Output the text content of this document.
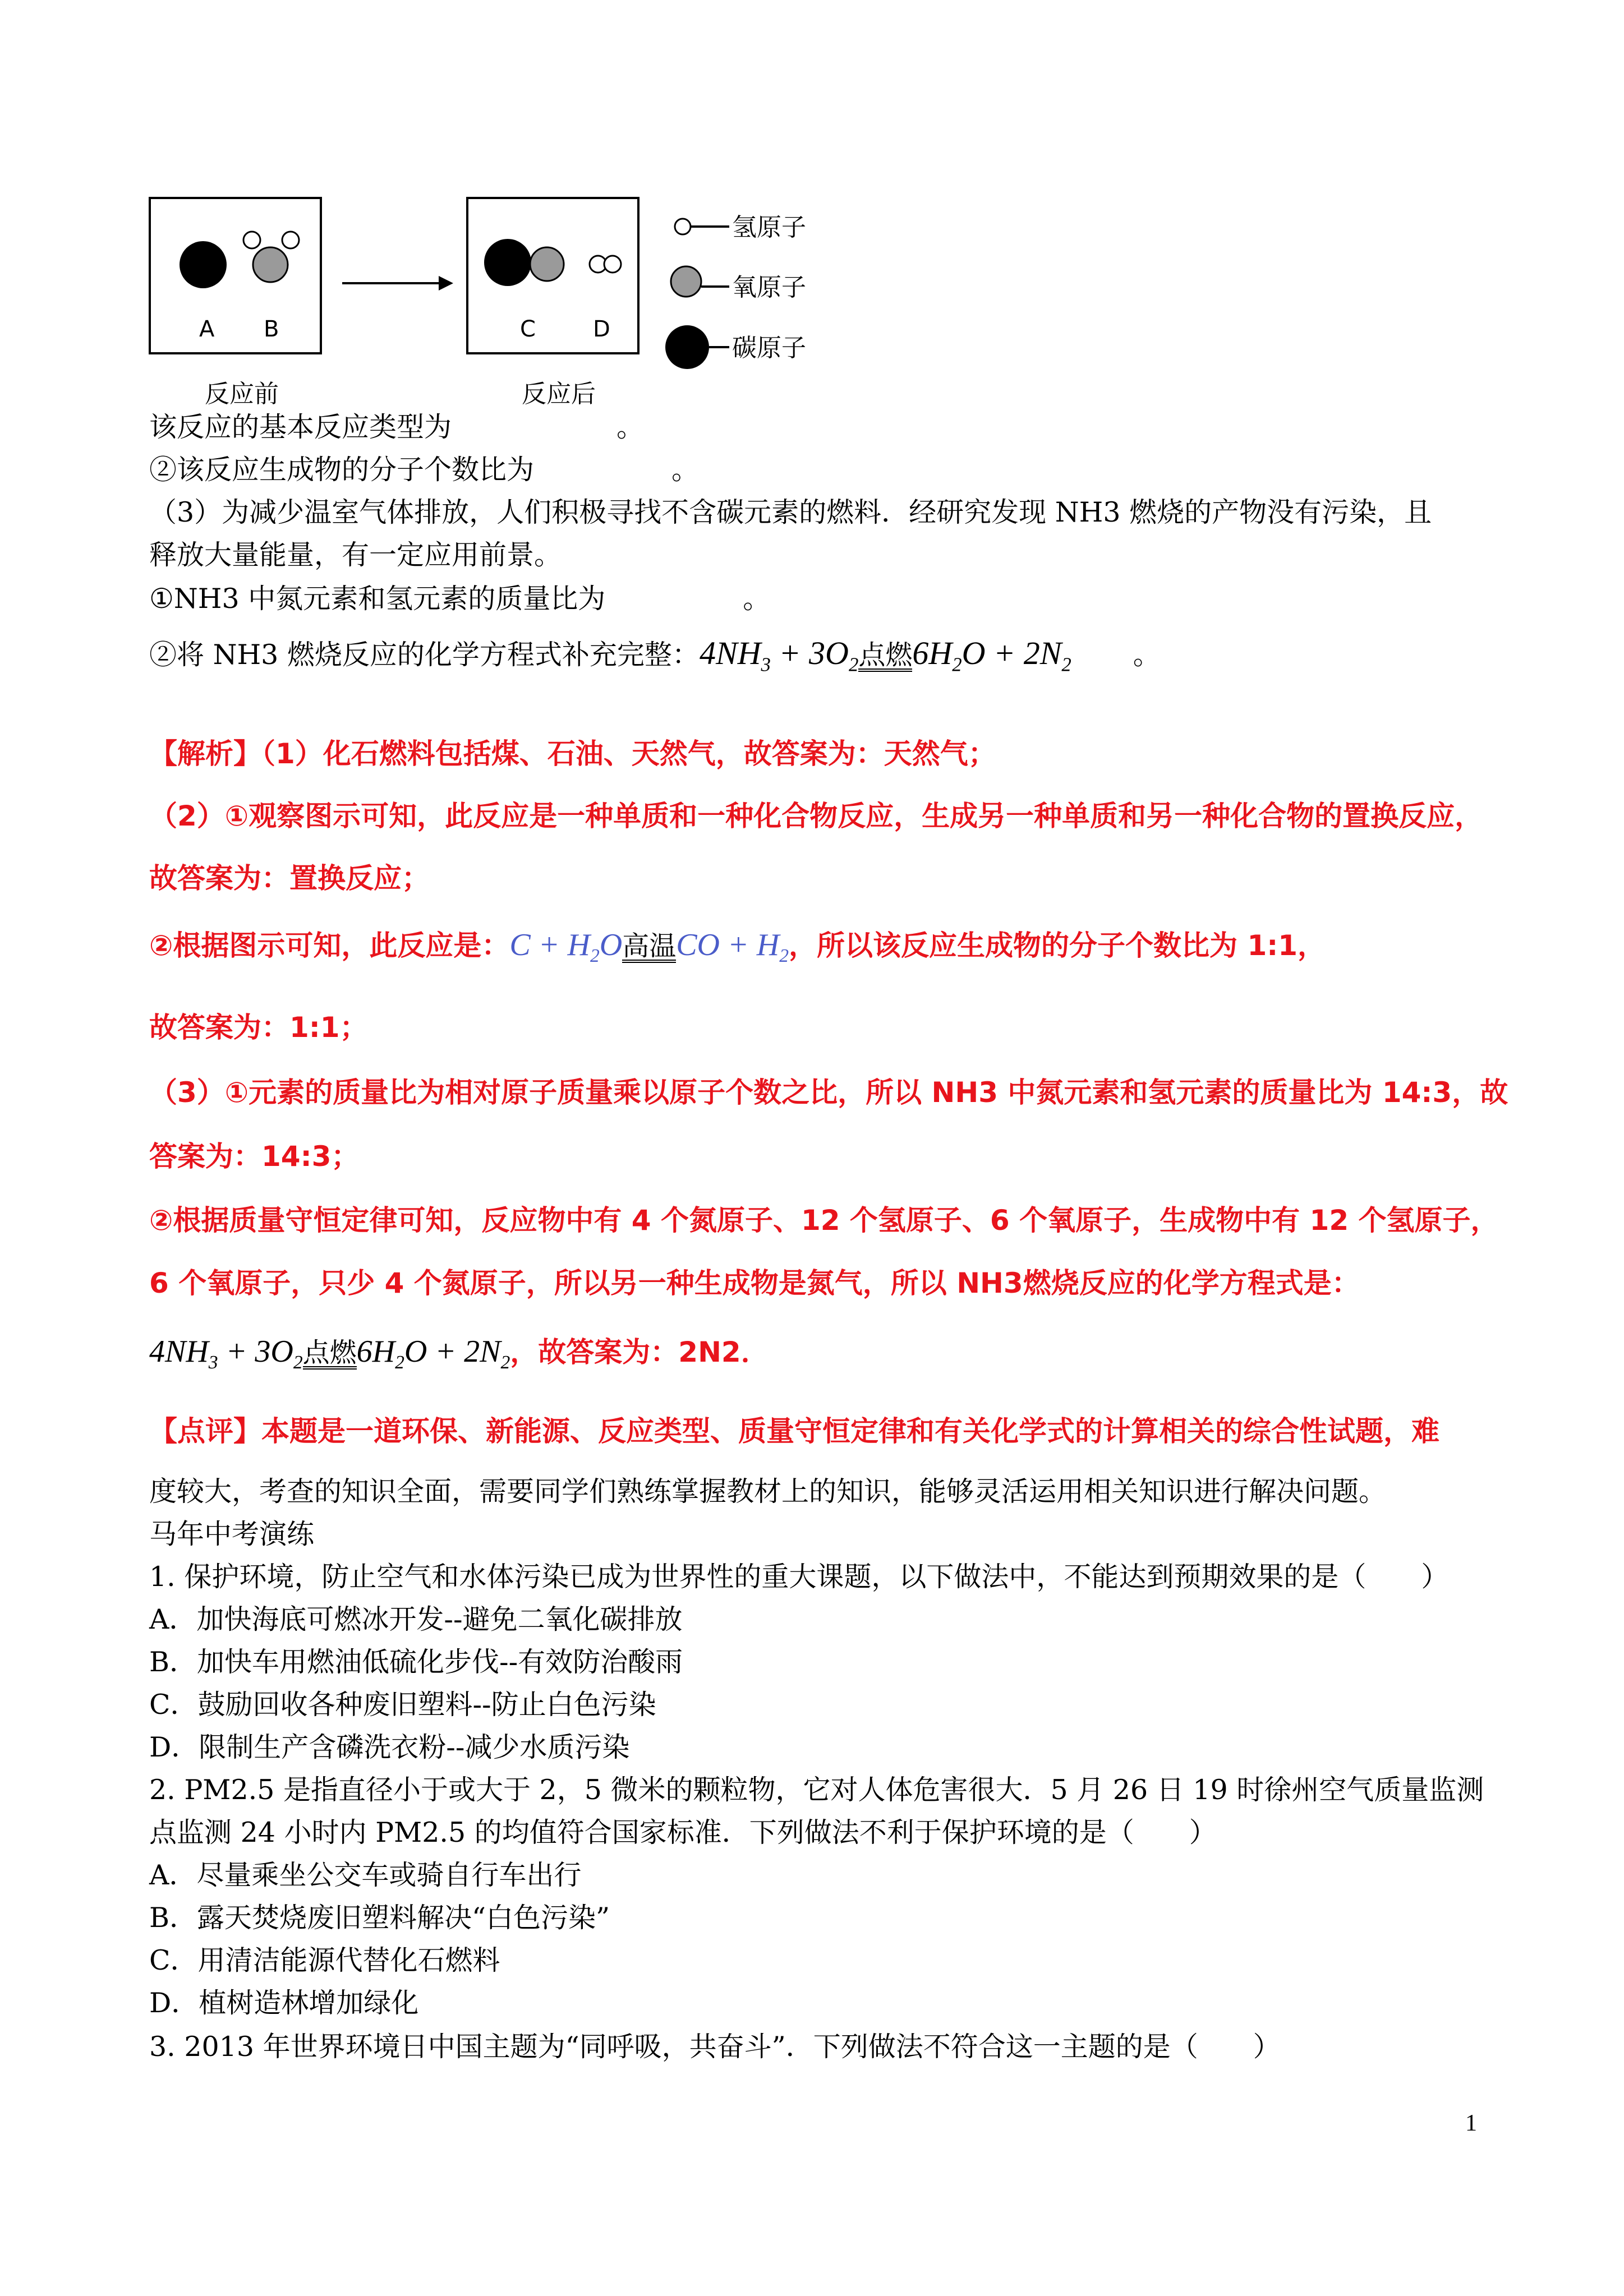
A B	C	D
氢原子
氧原子
碳原子
反应前	反应后
该反应的基本反应类型为　　　　　　。
②该反应生成物的分子个数比为　　　　　。
（3）为减少温室气体排放，人们积极寻找不含碳元素的燃料．经研究发现 NH3 燃烧的产物没有污染，且
释放大量能量，有一定应用前景。
①NH3 中氮元素和氢元素的质量比为　　　　　。
②将 NH3 燃烧反应的化学方程式补充完整：$4NH_3 + 3O_2$点燃$6H_2O + 2N_2$ 。
【解析】（1）化石燃料包括煤、石油、天然气，故答案为：天然气；
（2）①观察图示可知，此反应是一种单质和一种化合物反应，生成另一种单质和另一种化合物的置换反应，
故答案为：置换反应；
②根据图示可知，此反应是：$C + H_2O$高温CO + $H_2$，所以该反应生成物的分子个数比为 1:1，
故答案为：1:1；
（3）①元素的质量比为相对原子质量乘以原子个数之比，所以 NH3 中氮元素和氢元素的质量比为 14:3，故
答案为：14:3；
②根据质量守恒定律可知，反应物中有 4 个氮原子、12 个氢原子、6 个氧原子，生成物中有 12 个氢原子，
6 个氧原子，只少 4 个氮原子，所以另一种生成物是氮气，所以 NH3燃烧反应的化学方程式是：
$4NH_3 + 3O_2$点燃$6H_2O + 2N_2$，故答案为：2N2．
【点评】本题是一道环保、新能源、反应类型、质量守恒定律和有关化学式的计算相关的综合性试题，难
度较大，考查的知识全面，需要同学们熟练掌握教材上的知识，能够灵活运用相关知识进行解决问题。
马年中考演练
1. 保护环境，防止空气和水体污染已成为世界性的重大课题，以下做法中，不能达到预期效果的是（　　）
A．加快海底可燃冰开发--避免二氧化碳排放
B．加快车用燃油低硫化步伐--有效防治酸雨
C．鼓励回收各种废旧塑料--防止白色污染
D．限制生产含磷洗衣粉--减少水质污染
2. PM2.5 是指直径小于或大于 2，5 微米的颗粒物，它对人体危害很大．5 月 26 日 19 时徐州空气质量监测
点监测 24 小时内 PM2.5 的均值符合国家标准．下列做法不利于保护环境的是（　　）
A．尽量乘坐公交车或骑自行车出行
B．露天焚烧废旧塑料解决“白色污染”
C．用清洁能源代替化石燃料
D．植树造林增加绿化
3. 2013 年世界环境日中国主题为“同呼吸，共奋斗”．下列做法不符合这一主题的是（　　）
1
